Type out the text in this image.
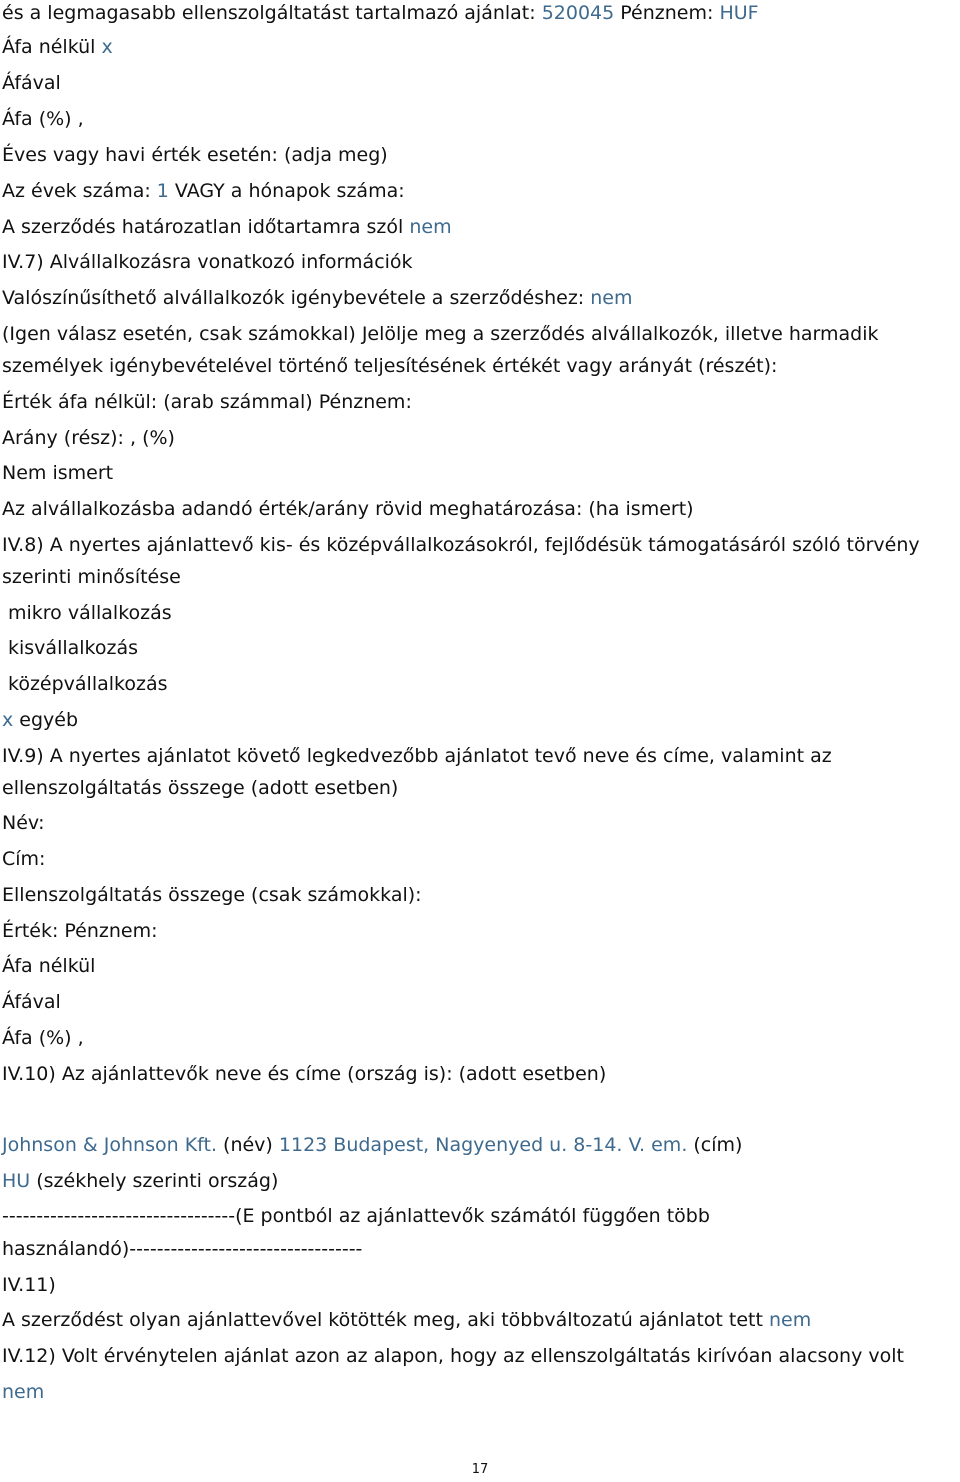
és a legmagasabb ellenszolgáltatást tartalmazó ajánlat: 520045 Pénznem: HUF
Áfa nélkül x
Áfával
Áfa (%) ,
Éves vagy havi érték esetén: (adja meg)
Az évek száma: 1 VAGY a hónapok száma:
A szerződés határozatlan időtartamra szól nem
IV.7) Alvállalkozásra vonatkozó információk
Valószínűsíthető alvállalkozók igénybevétele a szerződéshez: nem
(Igen válasz esetén, csak számokkal) Jelölje meg a szerződés alvállalkozók, illetve harmadik
személyek igénybevételével történő teljesítésének értékét vagy arányát (részét):
Érték áfa nélkül: (arab számmal) Pénznem:
Arány (rész): , (%)
Nem ismert
Az alvállalkozásba adandó érték/arány rövid meghatározása: (ha ismert)
IV.8) A nyertes ajánlattevő kis- és középvállalkozásokról, fejlődésük támogatásáról szóló törvény
szerinti minősítése
mikro vállalkozás
kisvállalkozás
középvállalkozás
x egyéb
IV.9) A nyertes ajánlatot követő legkedvezőbb ajánlatot tevő neve és címe, valamint az
ellenszolgáltatás összege (adott esetben)
Név:
Cím:
Ellenszolgáltatás összege (csak számokkal):
Érték: Pénznem:
Áfa nélkül
Áfával
Áfa (%) ,
IV.10) Az ajánlattevők neve és címe (ország is): (adott esetben)
Johnson & Johnson Kft. (név) 1123 Budapest, Nagyenyed u. 8-14. V. em. (cím)
HU (székhely szerinti ország)
----------------------------------(E pontból az ajánlattevők számától függően több
használandó)----------------------------------
IV.11)
A szerződést olyan ajánlattevővel kötötték meg, aki többváltozatú ajánlatot tett nem
IV.12) Volt érvénytelen ajánlat azon az alapon, hogy az ellenszolgáltatás kirívóan alacsony volt
nem
17
